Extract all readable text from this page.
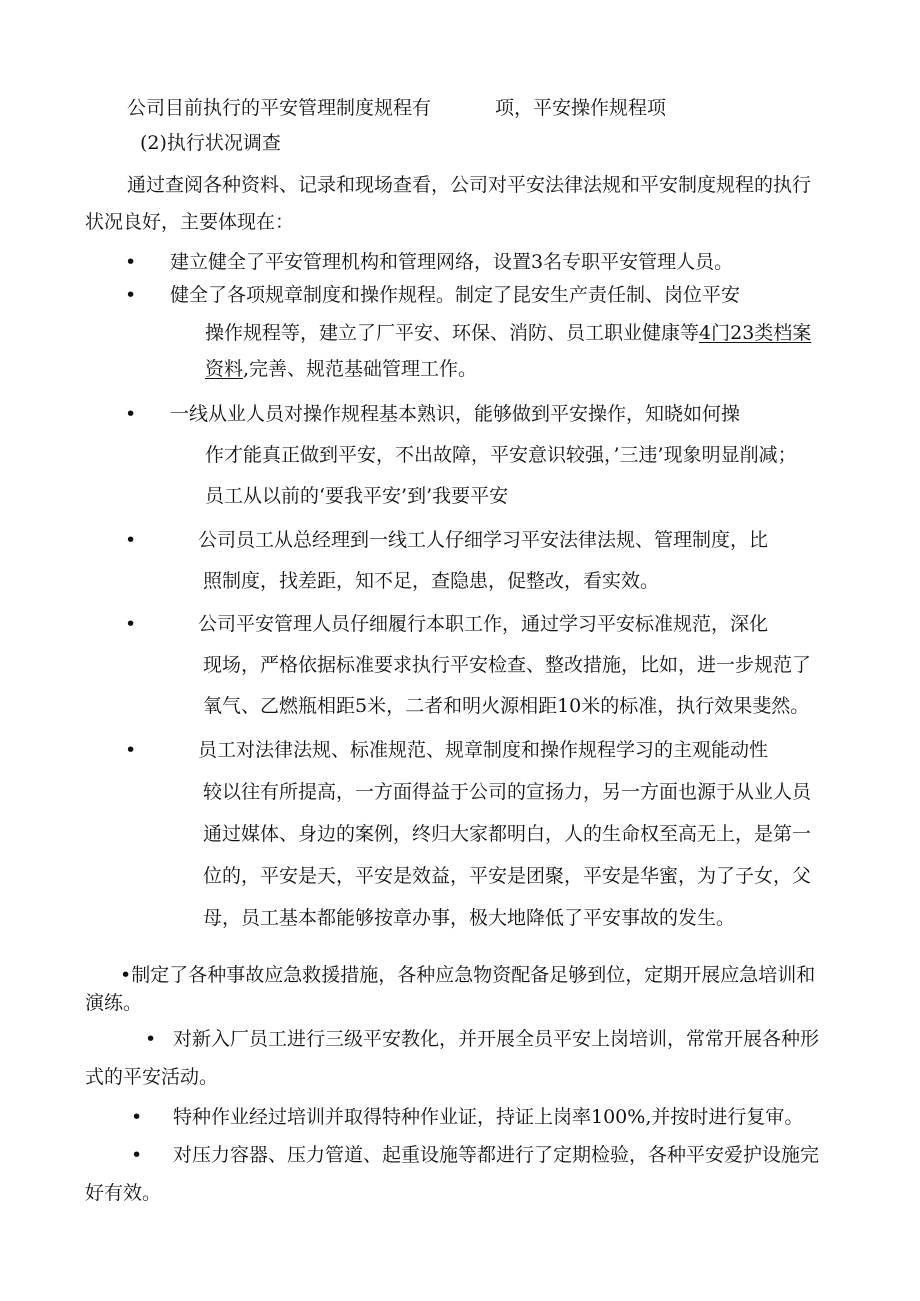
公司目前执行的平安管理制度规程有	项，平安操作规程项
(2)执行状况调查
通过查阅各种资料、记录和现场查看，公司对平安法律法规和平安制度规程的执行
状况良好，主要体现在：
• 建立健全了平安管理机构和管理网络，设置3名专职平安管理人员。
• 健全了各项规章制度和操作规程。制定了昆安生产责任制、岗位平安
操作规程等，建立了厂平安、环保、消防、员工职业健康等4门23类档案
资料,完善、规范基础管理工作。
• 一线从业人员对操作规程基本熟识，能够做到平安操作，知晓如何操
作才能真正做到平安，不出故障，平安意识较强，’三违’现象明显削减；
员工从以前的‘要我平安’到’我要平安
•	公司员工从总经理到一线工人仔细学习平安法律法规、管理制度，比
照制度，找差距，知不足，查隐患，促整改，看实效。
•	公司平安管理人员仔细履行本职工作，通过学习平安标准规范，深化
现场，严格依据标准要求执行平安检查、整改措施，比如，进一步规范了
氧气、乙燃瓶相距5米，二者和明火源相距10米的标准，执行效果斐然。
•	员工对法律法规、标准规范、规章制度和操作规程学习的主观能动性
较以往有所提高，一方面得益于公司的宣扬力，另一方面也源于从业人员
通过媒体、身边的案例，终归大家都明白，人的生命权至高无上，是第一
位的，平安是天，平安是效益，平安是团聚，平安是华蜜，为了子女，父
母，员工基本都能够按章办事，极大地降低了平安事故的发生。
•制定了各种事故应急救援措施，各种应急物资配备足够到位，定期开展应急培训和
演练。
• 对新入厂员工进行三级平安教化，并开展全员平安上岗培训，常常开展各种形
式的平安活动。
• 特种作业经过培训并取得特种作业证，持证上岗率100%,并按时进行复审。
• 对压力容器、压力管道、起重设施等都进行了定期检验，各种平安爱护设施完
好有效。
